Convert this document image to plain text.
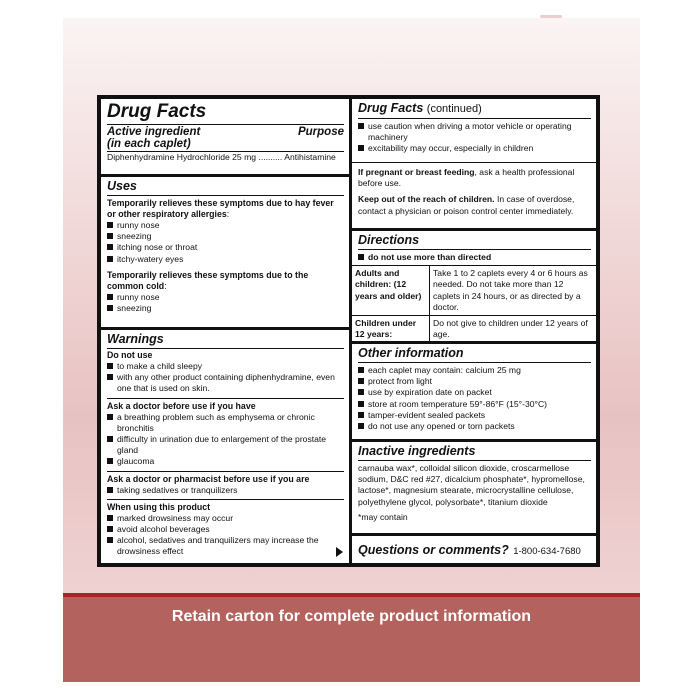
Drug Facts
Active ingredient	Purpose
(in each caplet)
Diphenhydramine Hydrochloride 25 mg .......... Antihistamine
Uses
Temporarily relieves these symptoms due to hay fever
or other respiratory allergies:
runny nose
sneezing
itching nose or throat
itchy-watery eyes
Temporarily relieves these symptoms due to the
common cold:
runny nose
sneezing
Warnings
Do not use
to make a child sleepy
with any other product containing diphenhydramine, even one that is used on skin.
Ask a doctor before use if you have
a breathing problem such as emphysema or chronic bronchitis
difficulty in urination due to enlargement of the prostate gland
glaucoma
Ask a doctor or pharmacist before use if you are
taking sedatives or tranquilizers
When using this product
marked drowsiness may occur
avoid alcohol beverages
alcohol, sedatives and tranquilizers may increase the drowsiness effect
Drug Facts (continued)
use caution when driving a motor vehicle or operating machinery
excitability may occur, especially in children
If pregnant or breast feeding, ask a health professional before use.
Keep out of the reach of children. In case of overdose, contact a physician or poison control center immediately.
Directions
do not use more than directed
Adults and children: (12 years and older)
Take 1 to 2 caplets every 4 or 6 hours as needed. Do not take more than 12 caplets in 24 hours, or as directed by a doctor.
Children under 12 years:
Do not give to children under 12 years of age.
Other information
each caplet may contain: calcium 25 mg
protect from light
use by expiration date on packet
store at room temperature 59°-86°F (15°-30°C)
tamper-evident sealed packets
do not use any opened or torn packets
Inactive ingredients
carnauba wax*, colloidal silicon dioxide, croscarmellose sodium, D&C red #27, dicalcium phosphate*, hypromellose, lactose*, magnesium stearate, microcrystalline cellulose, polyethylene glycol, polysorbate*, titanium dioxide
*may contain
Questions or comments? 1-800-634-7680
Retain carton for complete product information
